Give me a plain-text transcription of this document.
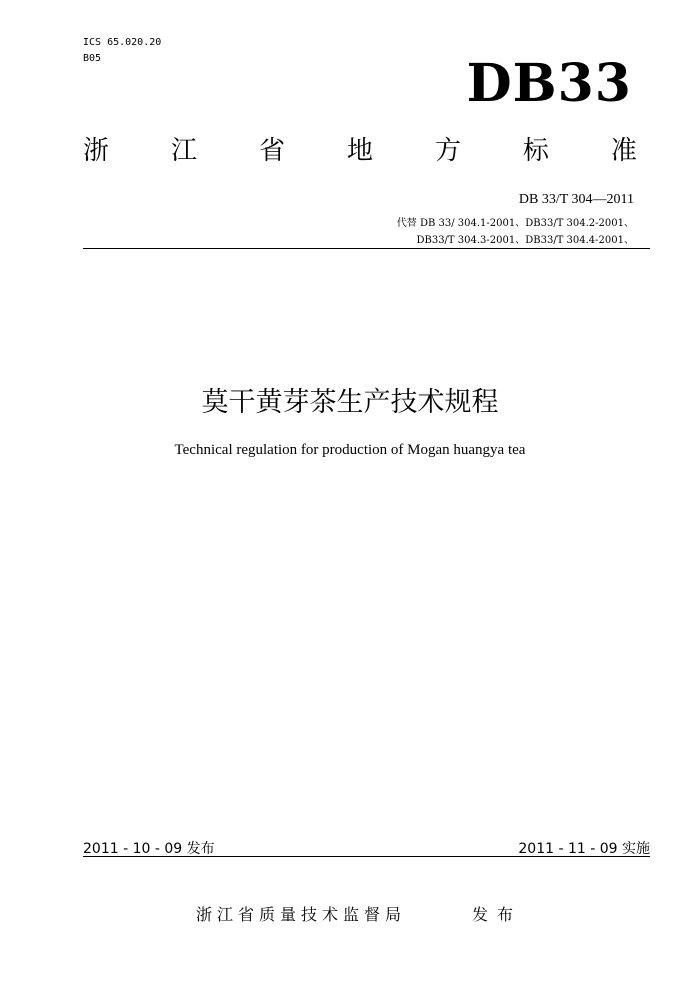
ICS 65.020.20
B05	DB33
浙 江 省 地 方 标 准
DB 33/T 304—2011
代替 DB 33/ 304.1-2001、DB33/T 304.2-2001、
DB33/T 304.3-2001、DB33/T 304.4-2001、
莫干黄芽茶生产技术规程
Technical regulation for production of Mogan huangya tea
2011 - 10 - 09 发布	2011 - 11 - 09 实施
浙江省质量技术监督局	发布
